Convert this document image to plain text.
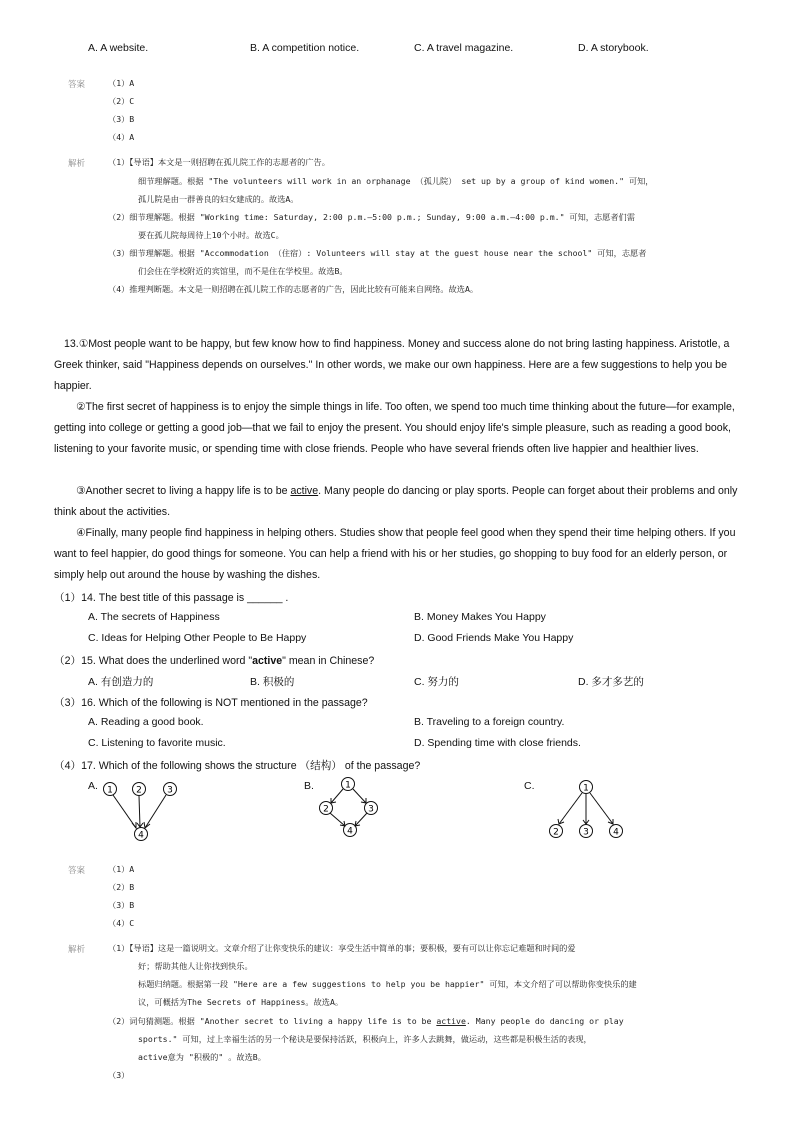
A. A website.	B. A competition notice.	C. A travel magazine.	D. A storybook.
答案	（1）A
（2）C
（3）B
（4）A
解析	（1）【导语】本文是一则招聘在孤儿院工作的志愿者的广告。
细节理解题。根据 "The volunteers will work in an orphanage （孤儿院） set up by a group of kind women." 可知，
孤儿院是由一群善良的妇女建成的。故选A。
（2）细节理解题。根据 "Working time: Saturday, 2:00 p.m.—5:00 p.m.; Sunday, 9:00 a.m.—4:00 p.m." 可知，志愿者们需
要在孤儿院每周待上10个小时。故选C。
（3）细节理解题。根据 "Accommodation （住宿）: Volunteers will stay at the guest house near the school" 可知，志愿者
们会住在学校附近的宾馆里，而不是住在学校里。故选B。
（4）推理判断题。本文是一则招聘在孤儿院工作的志愿者的广告，因此比较有可能来自网络。故选A。
13.①Most people want to be happy, but few know how to find happiness. Money and success alone do not bring lasting happiness. Aristotle, a Greek thinker, said "Happiness depends on ourselves." In other words, we make our own happiness. Here are a few suggestions to help you be happier.
②The first secret of happiness is to enjoy the simple things in life. Too often, we spend too much time thinking about the future—for example, getting into college or getting a good job—that we fail to enjoy the present. You should enjoy life's simple pleasure, such as reading a good book, listening to your favorite music, or spending time with close friends. People who have several friends often live happier and healthier lives.
③Another secret to living a happy life is to be active. Many people do dancing or play sports. People can forget about their problems and only think about the activities.
④Finally, many people find happiness in helping others. Studies show that people feel good when they spend their time helping others. If you want to feel happier, do good things for someone. You can help a friend with his or her studies, go shopping to buy food for an elderly person, or simply help out around the house by washing the dishes.
（1）14. The best title of this passage is ______ .
A. The secrets of Happiness	B. Money Makes You Happy
C. Ideas for Helping Other People to Be Happy	D. Good Friends Make You Happy
（2）15. What does the underlined word "active" mean in Chinese?
A. 有创造力的	B. 积极的	C. 努力的	D. 多才多艺的
（3）16. Which of the following is NOT mentioned in the passage?
A. Reading a good book.	B. Traveling to a foreign country.
C. Listening to favorite music.	D. Spending time with close friends.
（4）17. Which of the following shows the structure （结构） of the passage?
A. 1	2	3
4
B.	1
2	3
4
C.	1
2	3	4
答案	（1）A
（2）B
（3）B
（4）C
解析	（1）【导语】这是一篇说明文。文章介绍了让你变快乐的建议：享受生活中简单的事；要积极，要有可以让你忘记难题和时间的爱
好；帮助其他人让你找到快乐。
标题归纳题。根据第一段 "Here are a few suggestions to help you be happier" 可知，本文介绍了可以帮助你变快乐的建
议，可概括为The Secrets of Happiness。故选A。
（2）词句猜测题。根据 "Another secret to living a happy life is to be active. Many people do dancing or play
sports." 可知，过上幸福生活的另一个秘诀是要保持活跃，积极向上，许多人去跳舞，做运动，这些都是积极生活的表现，
active意为 "积极的" 。故选B。
（3）
